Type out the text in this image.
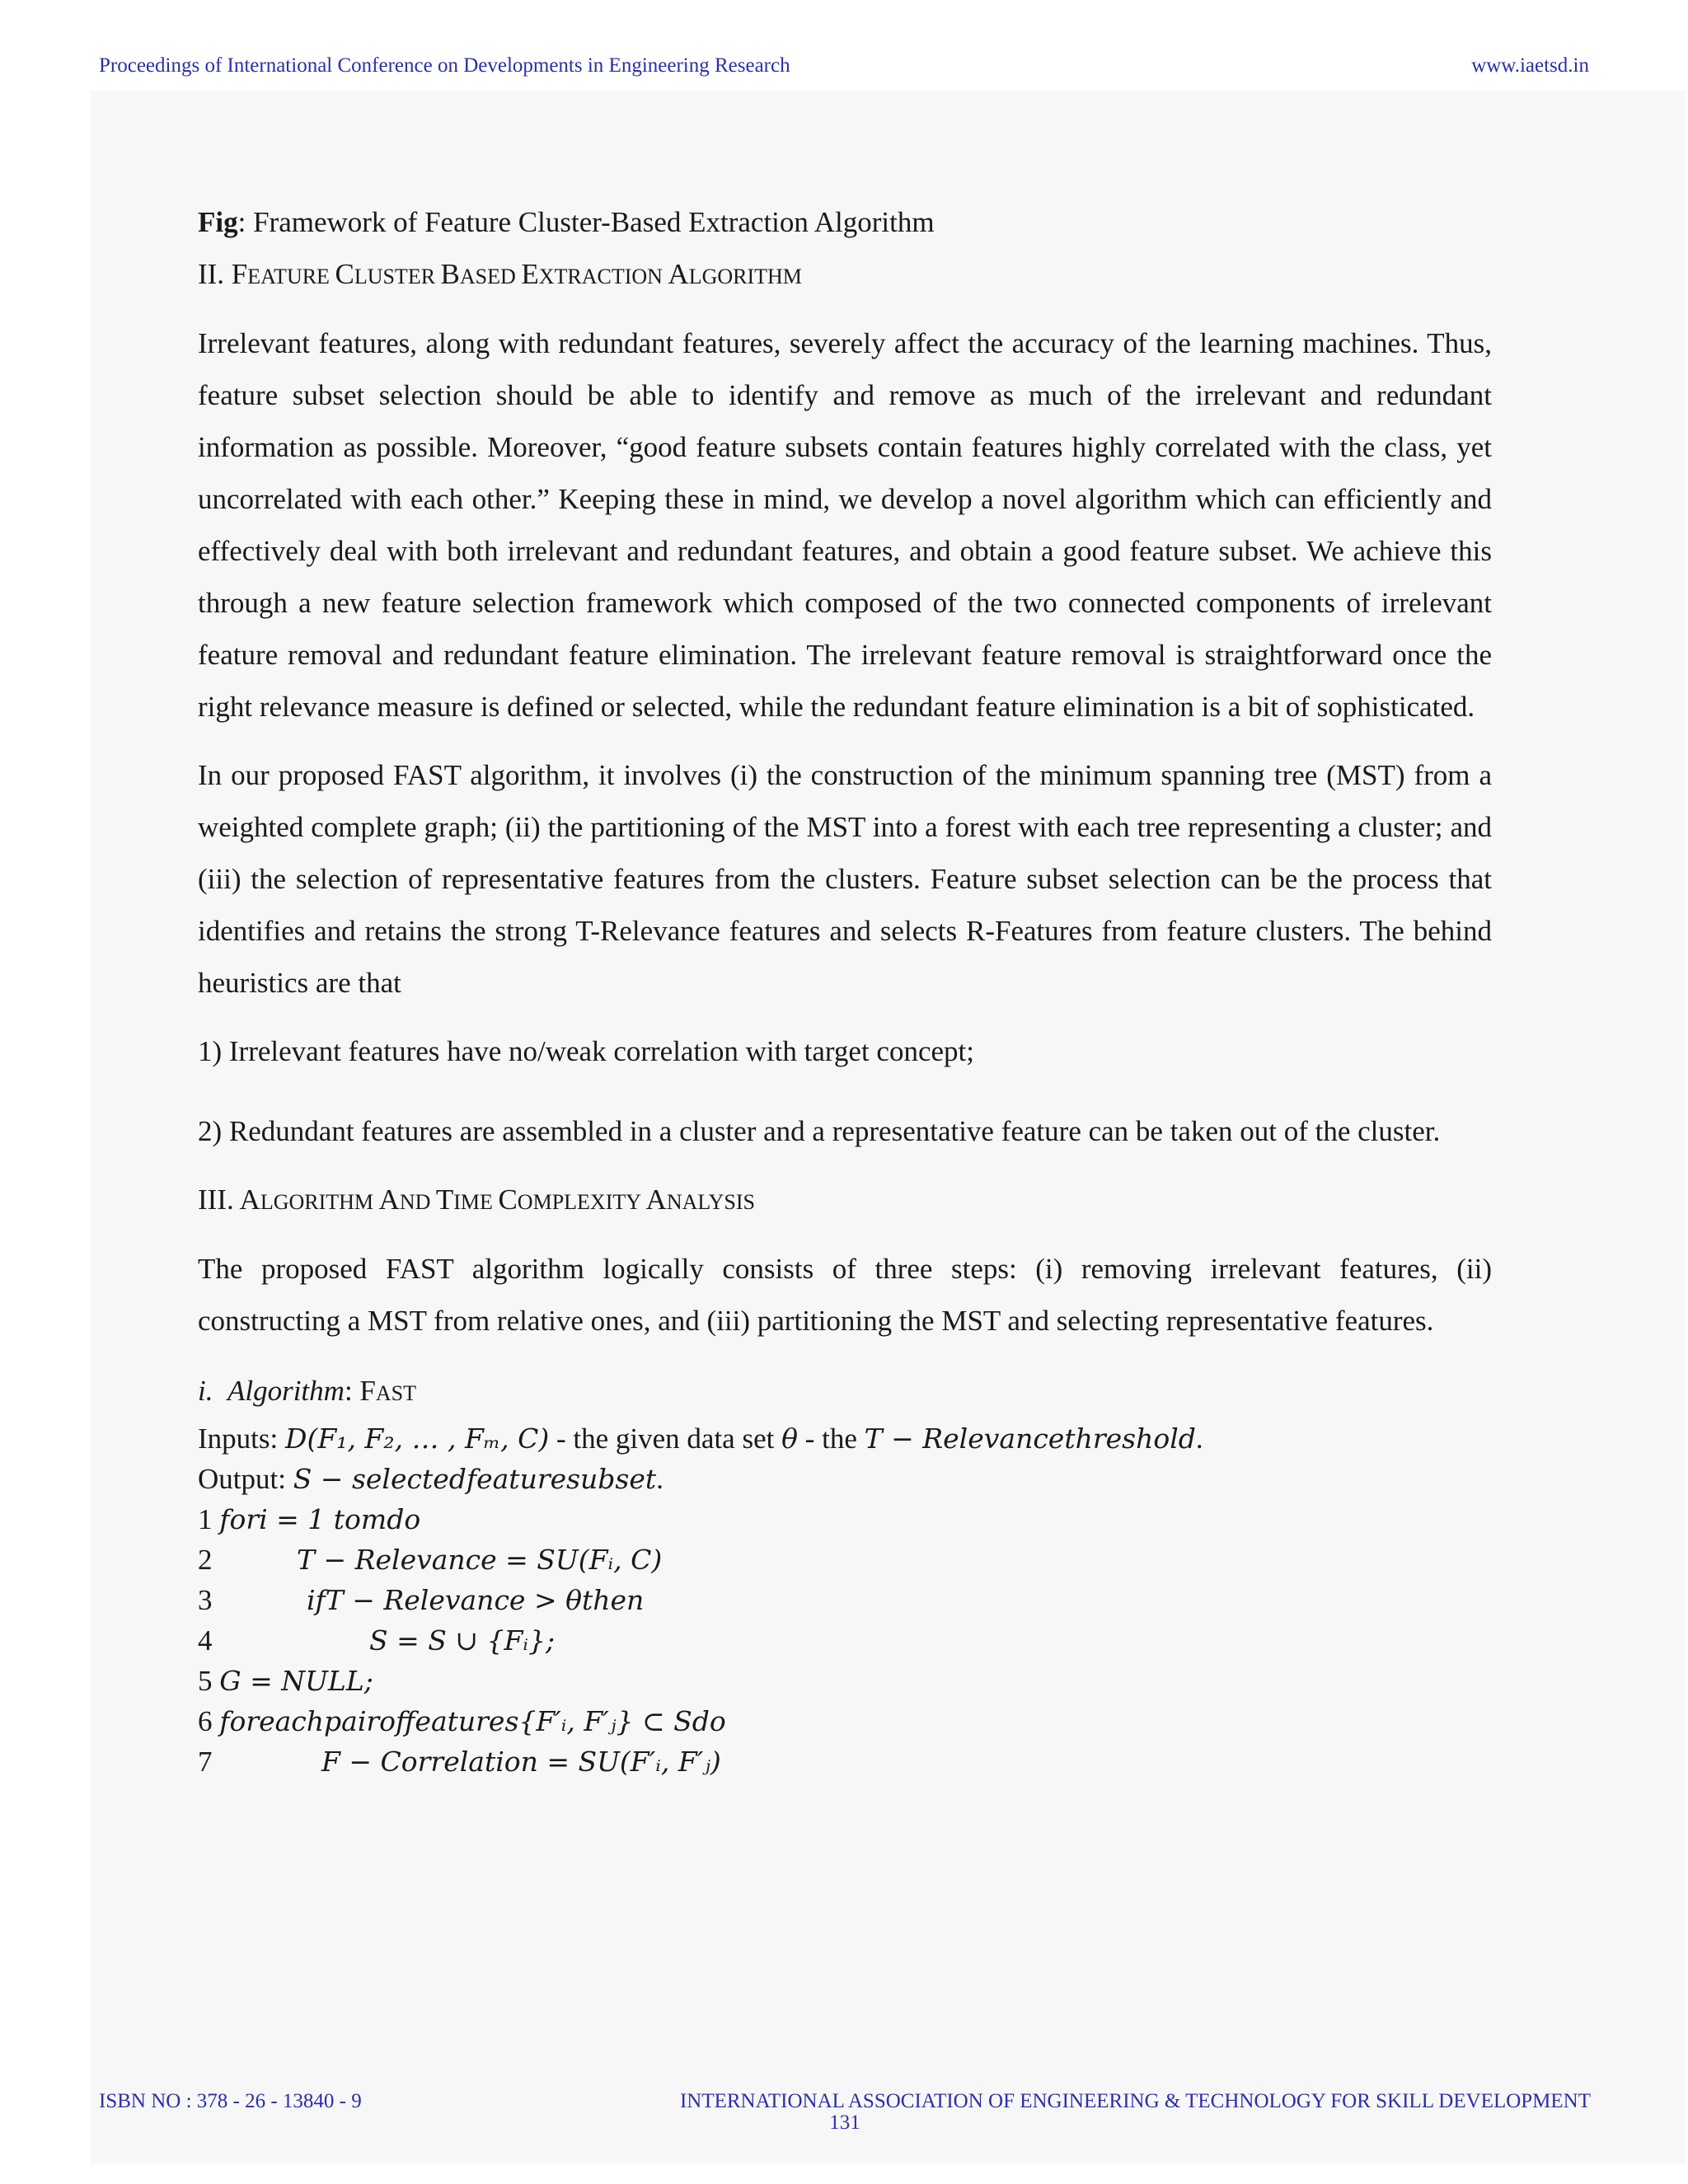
Proceedings of International Conference on Developments in Engineering Research	www.iaetsd.in
Fig: Framework of Feature Cluster-Based Extraction Algorithm
II. FEATURE CLUSTER BASED EXTRACTION ALGORITHM

Irrelevant features, along with redundant features, severely affect the accuracy of the learning machines. Thus, feature subset selection should be able to identify and remove as much of the irrelevant and redundant information as possible. Moreover, “good feature subsets contain features highly correlated with the class, yet uncorrelated with each other.” Keeping these in mind, we develop a novel algorithm which can efficiently and effectively deal with both irrelevant and redundant features, and obtain a good feature subset. We achieve this through a new feature selection framework which composed of the two connected components of irrelevant feature removal and redundant feature elimination. The irrelevant feature removal is straightforward once the right relevance measure is defined or selected, while the redundant feature elimination is a bit of sophisticated.

In our proposed FAST algorithm, it involves (i) the construction of the minimum spanning tree (MST) from a weighted complete graph; (ii) the partitioning of the MST into a forest with each tree representing a cluster; and (iii) the selection of representative features from the clusters. Feature subset selection can be the process that identifies and retains the strong T-Relevance features and selects R-Features from feature clusters. The behind heuristics are that

1) Irrelevant features have no/weak correlation with target concept;

2) Redundant features are assembled in a cluster and a representative feature can be taken out of the cluster.

III. ALGORITHM AND TIME COMPLEXITY ANALYSIS

The proposed FAST algorithm logically consists of three steps: (i) removing irrelevant features, (ii) constructing a MST from relative ones, and (iii) partitioning the MST and selecting representative features.

i. Algorithm: FAST
Inputs:
D(F₁, F₂, … , Fₘ, C)
- the given data set
θ
- the
T − Relevancethreshold .
Output:
S − selectedfeaturesubset .
1
fori = 1 tomdo
2	T − Relevance = SU(Fᵢ, C)
3	ifT − Relevance > θthen
4	S = S ∪ {Fᵢ};
5
G = NULL;
6
foreachpairoffeatures{F′ᵢ, F′ⱼ} ⊂ Sdo
7	F − Correlation = SU(F′ᵢ, F′ⱼ)
ISBN NO : 378 - 26 - 13840 - 9	INTERNATIONAL ASSOCIATION OF ENGINEERING & TECHNOLOGY FOR SKILL DEVELOPMENT
131
